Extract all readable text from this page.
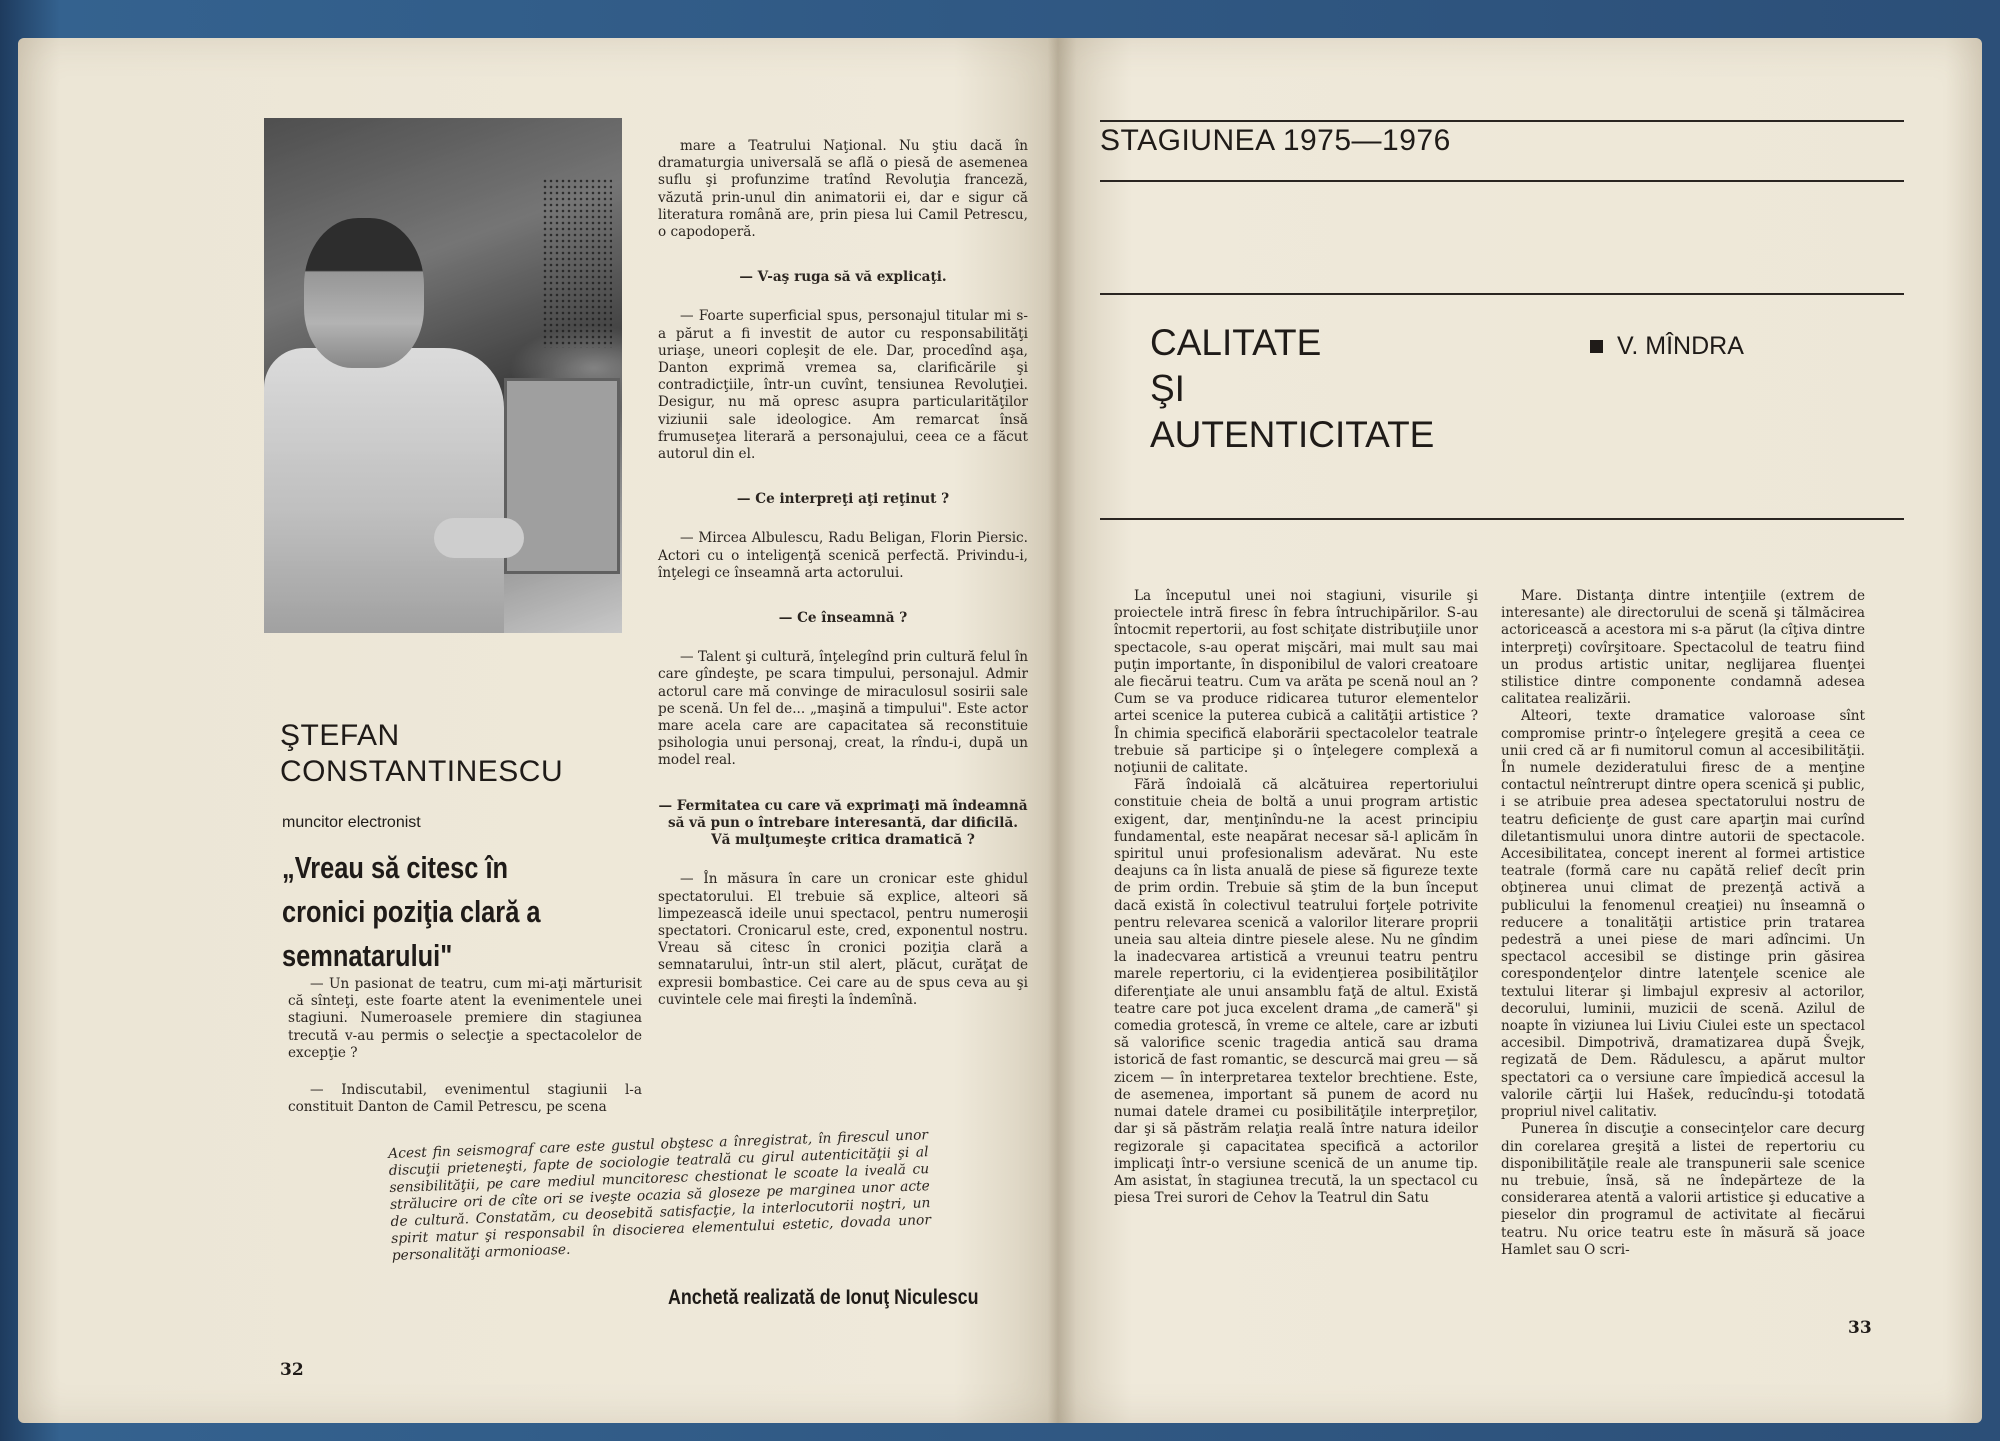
ŞTEFAN
CONSTANTINESCU
muncitor electronist
„Vreau să citesc în cronici poziţia clară a semnatarului"

— Un pasionat de teatru, cum mi-aţi mărturisit că sînteţi, este foarte atent la evenimentele unei stagiuni. Numeroasele premiere din stagiunea trecută v-au permis o selecţie a spectacolelor de excepţie ?

— Indiscutabil, evenimentul stagiunii l-a constituit Danton de Camil Petrescu, pe scena

mare a Teatrului Naţional. Nu ştiu dacă în dramaturgia universală se află o piesă de asemenea suflu şi profunzime tratînd Revoluţia franceză, văzută prin-unul din animatorii ei, dar e sigur că literatura română are, prin piesa lui Camil Petrescu, o capodoperă.

— V-aş ruga să vă explicaţi.

— Foarte superficial spus, personajul titular mi s-a părut a fi investit de autor cu responsabilităţi uriaşe, uneori copleşit de ele. Dar, procedînd aşa, Danton exprimă vremea sa, clarificările şi contradicţiile, într-un cuvînt, tensiunea Revoluţiei. Desigur, nu mă opresc asupra particularităţilor viziunii sale ideologice. Am remarcat însă frumuseţea literară a personajului, ceea ce a făcut autorul din el.

— Ce interpreţi aţi reţinut ?

— Mircea Albulescu, Radu Beligan, Florin Piersic. Actori cu o inteligenţă scenică perfectă. Privindu-i, înţelegi ce înseamnă arta actorului.

— Ce înseamnă ?

— Talent şi cultură, înţelegînd prin cultură felul în care gîndeşte, pe scara timpului, personajul. Admir actorul care mă convinge de miraculosul sosirii sale pe scenă. Un fel de... „maşină a timpului". Este actor mare acela care are capacitatea să reconstituie psihologia unui personaj, creat, la rîndu-i, după un model real.

— Fermitatea cu care vă exprimaţi mă îndeamnă să vă pun o întrebare interesantă, dar dificilă. Vă mulţumeşte critica dramatică ?

— În măsura în care un cronicar este ghidul spectatorului. El trebuie să explice, alteori să limpezească ideile unui spectacol, pentru numeroşii spectatori. Cronicarul este, cred, exponentul nostru. Vreau să citesc în cronici poziţia clară a semnatarului, într-un stil alert, plăcut, curăţat de expresii bombastice. Cei care au de spus ceva au şi cuvintele cele mai fireşti la îndemînă.

Acest fin seismograf care este gustul obştesc a înregistrat, în firescul unor discuţii prieteneşti, fapte de sociologie teatrală cu girul autenticităţii şi al sensibilităţii, pe care mediul muncitoresc chestionat le scoate la iveală cu strălucire ori de cîte ori se iveşte ocazia să gloseze pe marginea unor acte de cultură. Constatăm, cu deosebită satisfacţie, la interlocutorii noştri, un spirit matur şi responsabil în disocierea elementului estetic, dovada unor personalităţi armonioase.
Anchetă realizată de Ionuţ Niculescu
32
STAGIUNEA 1975—1976
CALITATE
ŞI
AUTENTICITATE
V. MÎNDRA

La începutul unei noi stagiuni, visurile şi proiectele intră firesc în febra întruchipărilor. S-au întocmit repertorii, au fost schiţate distribuţiile unor spectacole, s-au operat mişcări, mai mult sau mai puţin importante, în disponibilul de valori creatoare ale fiecărui teatru. Cum va arăta pe scenă noul an ? Cum se va produce ridicarea tuturor elementelor artei scenice la puterea cubică a calităţii artistice ? În chimia specifică elaborării spectacolelor teatrale trebuie să participe şi o înţelegere complexă a noţiunii de calitate.

Fără îndoială că alcătuirea repertoriului constituie cheia de boltă a unui program artistic exigent, dar, menţinîndu-ne la acest principiu fundamental, este neapărat necesar să-l aplicăm în spiritul unui profesionalism adevărat. Nu este deajuns ca în lista anuală de piese să figureze texte de prim ordin. Trebuie să ştim de la bun început dacă există în colectivul teatrului forţele potrivite pentru relevarea scenică a valorilor literare proprii uneia sau alteia dintre piesele alese. Nu ne gîndim la inadecvarea artistică a vreunui teatru pentru marele repertoriu, ci la evidenţierea posibilităţilor diferenţiate ale unui ansamblu faţă de altul. Există teatre care pot juca excelent drama „de cameră" şi comedia grotescă, în vreme ce altele, care ar izbuti să valorifice scenic tragedia antică sau drama istorică de fast romantic, se descurcă mai greu — să zicem — în interpretarea textelor brechtiene. Este, de asemenea, important să punem de acord nu numai datele dramei cu posibilităţile interpreţilor, dar şi să păstrăm relaţia reală între natura ideilor regizorale şi capacitatea specifică a actorilor implicaţi într-o versiune scenică de un anume tip. Am asistat, în stagiunea trecută, la un spectacol cu piesa Trei surori de Cehov la Teatrul din Satu

Mare. Distanţa dintre intenţiile (extrem de interesante) ale directorului de scenă şi tălmăcirea actoricească a acestora mi s-a părut (la cîţiva dintre interpreţi) covîrşitoare. Spectacolul de teatru fiind un produs artistic unitar, neglijarea fluenţei stilistice dintre componente condamnă adesea calitatea realizării.

Alteori, texte dramatice valoroase sînt compromise printr-o înţelegere greşită a ceea ce unii cred că ar fi numitorul comun al accesibilităţii. În numele dezideratului firesc de a menţine contactul neîntrerupt dintre opera scenică şi public, i se atribuie prea adesea spectatorului nostru de teatru deficienţe de gust care aparţin mai curînd diletantismului unora dintre autorii de spectacole. Accesibilitatea, concept inerent al formei artistice teatrale (formă care nu capătă relief decît prin obţinerea unui climat de prezenţă activă a publicului la fenomenul creaţiei) nu înseamnă o reducere a tonalităţii artistice prin tratarea pedestră a unei piese de mari adîncimi. Un spectacol accesibil se distinge prin găsirea corespondenţelor dintre latenţele scenice ale textului literar şi limbajul expresiv al actorilor, decorului, luminii, muzicii de scenă. Azilul de noapte în viziunea lui Liviu Ciulei este un spectacol accesibil. Dimpotrivă, dramatizarea după Švejk, regizată de Dem. Rădulescu, a apărut multor spectatori ca o versiune care împiedică accesul la valorile cărţii lui Hašek, reducîndu-şi totodată propriul nivel calitativ.

Punerea în discuţie a consecinţelor care decurg din corelarea greşită a listei de repertoriu cu disponibilităţile reale ale transpunerii sale scenice nu trebuie, însă, să ne îndepărteze de la considerarea atentă a valorii artistice şi educative a pieselor din programul de activitate al fiecărui teatru. Nu orice teatru este în măsură să joace Hamlet sau O scri-

33
